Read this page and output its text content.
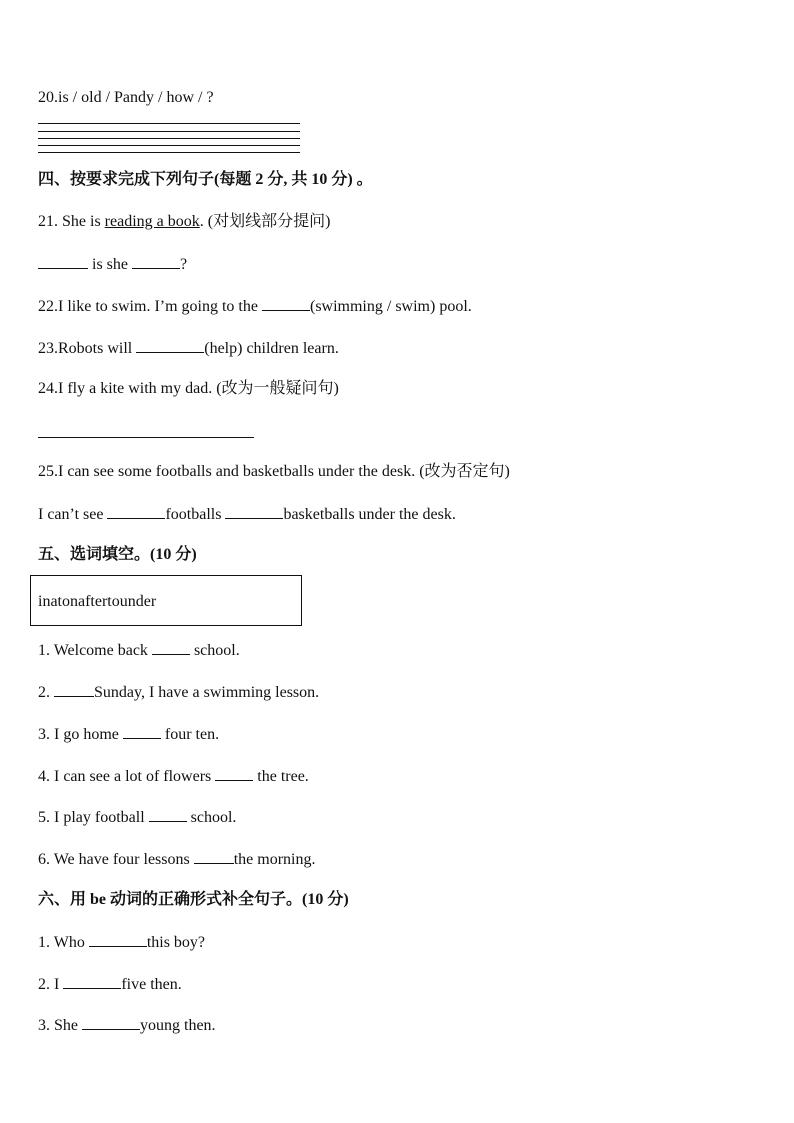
20.is / old / Pandy / how / ?
四、按要求完成下列句子(每题 2 分, 共 10 分) 。
21. She is reading a book. (对划线部分提问)
is she	?
22.I like to swim. I’m going to the	(swimming / swim) pool.
23.Robots will	(help) children learn.
24.I fly a kite with my dad. (改为一般疑问句)
25.I can see some footballs and basketballs under the desk. (改为否定句)
I can’t see	footballs	basketballs under the desk.
五、选词填空。(10 分)
inatonaftertounder
1. Welcome back  school.
2.	Sunday, I have a swimming lesson.
3. I go home  four ten.
4. I can see a lot of flowers  the tree.
5. I play football  school.
6. We have four lessons	the morning.
六、用 be 动词的正确形式补全句子。(10 分)
1. Who	this boy?
2. I	five then.
3. She	young then.
